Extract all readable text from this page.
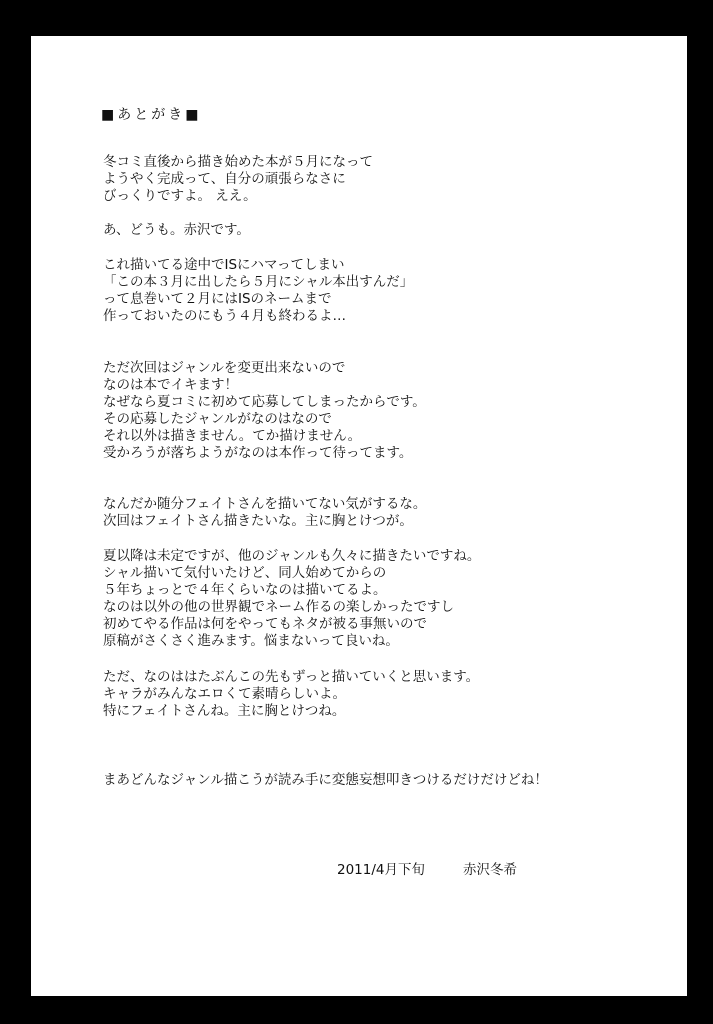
■あとがき■
冬コミ直後から描き始めた本が５月になって
ようやく完成って、自分の頑張らなさに
びっくりですよ。 ええ。
あ、どうも。赤沢です。
これ描いてる途中でISにハマってしまい
「この本３月に出したら５月にシャル本出すんだ」
って息巻いて２月にはISのネームまで
作っておいたのにもう４月も終わるよ…
ただ次回はジャンルを変更出来ないので
なのは本でイキます！
なぜなら夏コミに初めて応募してしまったからです。
その応募したジャンルがなのはなので
それ以外は描きません。てか描けません。
受かろうが落ちようがなのは本作って待ってます。
なんだか随分フェイトさんを描いてない気がするな。
次回はフェイトさん描きたいな。主に胸とけつが。
夏以降は未定ですが、他のジャンルも久々に描きたいですね。
シャル描いて気付いたけど、同人始めてからの
５年ちょっとで４年くらいなのは描いてるよ。
なのは以外の他の世界観でネーム作るの楽しかったですし
初めてやる作品は何をやってもネタが被る事無いので
原稿がさくさく進みます。悩まないって良いね。
ただ、なのははたぶんこの先もずっと描いていくと思います。
キャラがみんなエロくて素晴らしいよ。
特にフェイトさんね。主に胸とけつね。
まあどんなジャンル描こうが読み手に変態妄想叩きつけるだけだけどね！
2011/4月下旬	赤沢冬希
